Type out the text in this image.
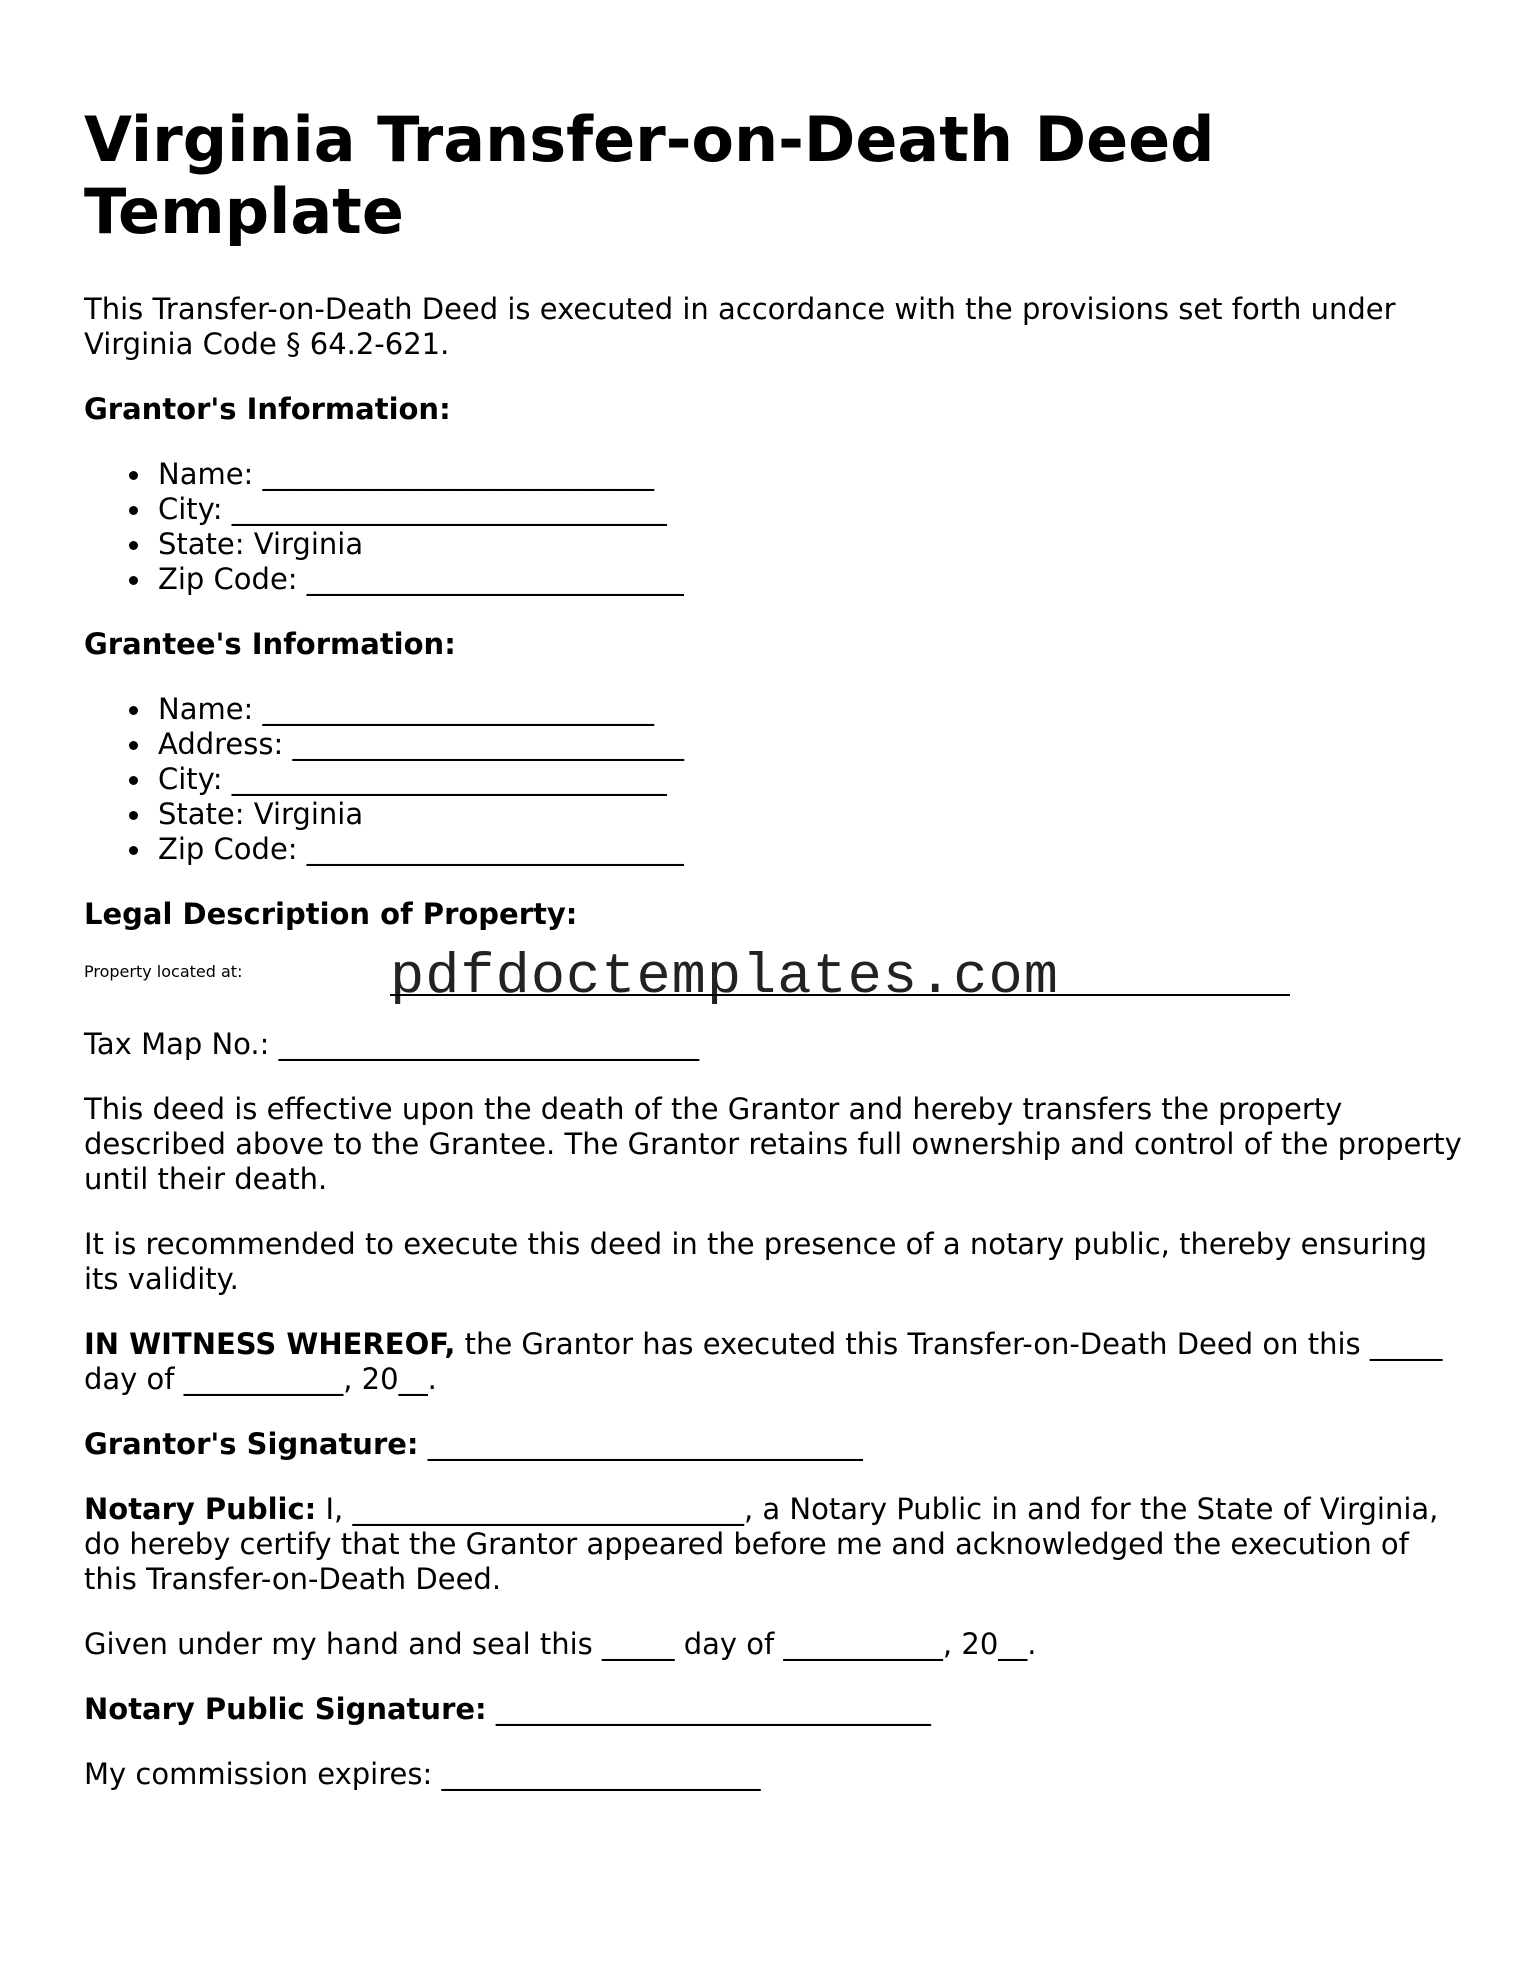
Virginia Transfer-on-Death Deed Template

This Transfer-on-Death Deed is executed in accordance with the provisions set forth under Virginia Code § 64.2-621.

Grantor's Information:

Name: ___________________________
City: ______________________________
State: Virginia
Zip Code: __________________________

Grantee's Information:

Name: ___________________________
Address: ___________________________
City: ______________________________
State: Virginia
Zip Code: __________________________

Legal Description of Property:

Property located at:	pdfdoctemplates.com

Tax Map No.: _____________________________

This deed is effective upon the death of the Grantor and hereby transfers the property described above to the Grantee. The Grantor retains full ownership and control of the property until their death.

It is recommended to execute this deed in the presence of a notary public, thereby ensuring its validity.

IN WITNESS WHEREOF, the Grantor has executed this Transfer-on-Death Deed on this _____ day of ___________, 20__.

Grantor's Signature: ______________________________

Notary Public: I, ___________________________, a Notary Public in and for the State of Virginia, do hereby certify that the Grantor appeared before me and acknowledged the execution of this Transfer-on-Death Deed.

Given under my hand and seal this _____ day of ___________, 20__.

Notary Public Signature: ______________________________

My commission expires: ______________________
